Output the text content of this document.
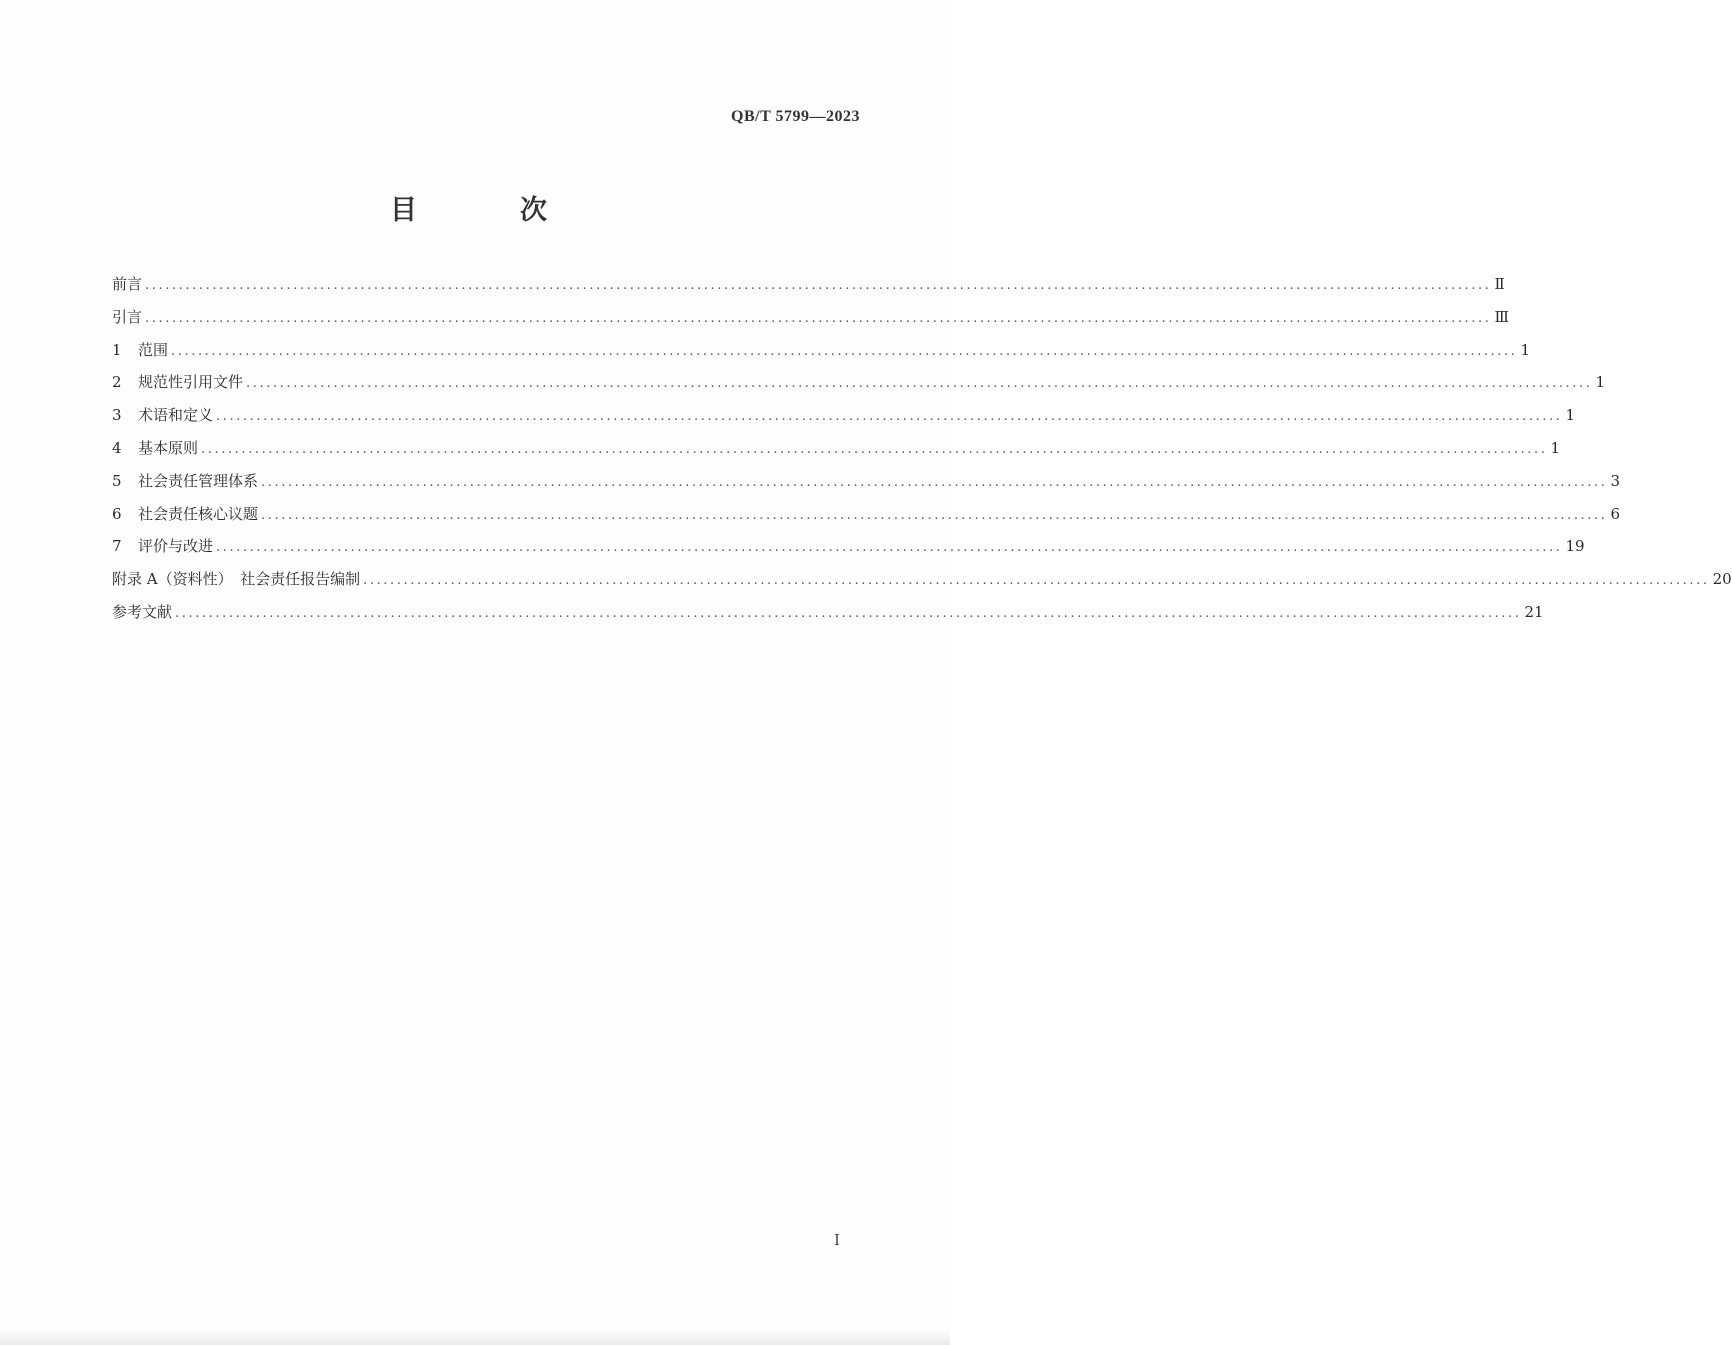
QB/T 5799—2023
目　次
前言 ........................................................................................................................................................................................................ Ⅱ
引言 ........................................................................................................................................................................................................ Ⅲ
1 范围 ........................................................................................................................................................................................................ 1
2 规范性引用文件 ........................................................................................................................................................................................................ 1
3 术语和定义 ........................................................................................................................................................................................................ 1
4 基本原则 ........................................................................................................................................................................................................ 1
5 社会责任管理体系 ........................................................................................................................................................................................................ 3
6 社会责任核心议题 ........................................................................................................................................................................................................ 6
7 评价与改进 ........................................................................................................................................................................................................ 19
附录 A（资料性）　社会责任报告编制 ........................................................................................................................................................................................................ 20
参考文献 ........................................................................................................................................................................................................ 21
I
